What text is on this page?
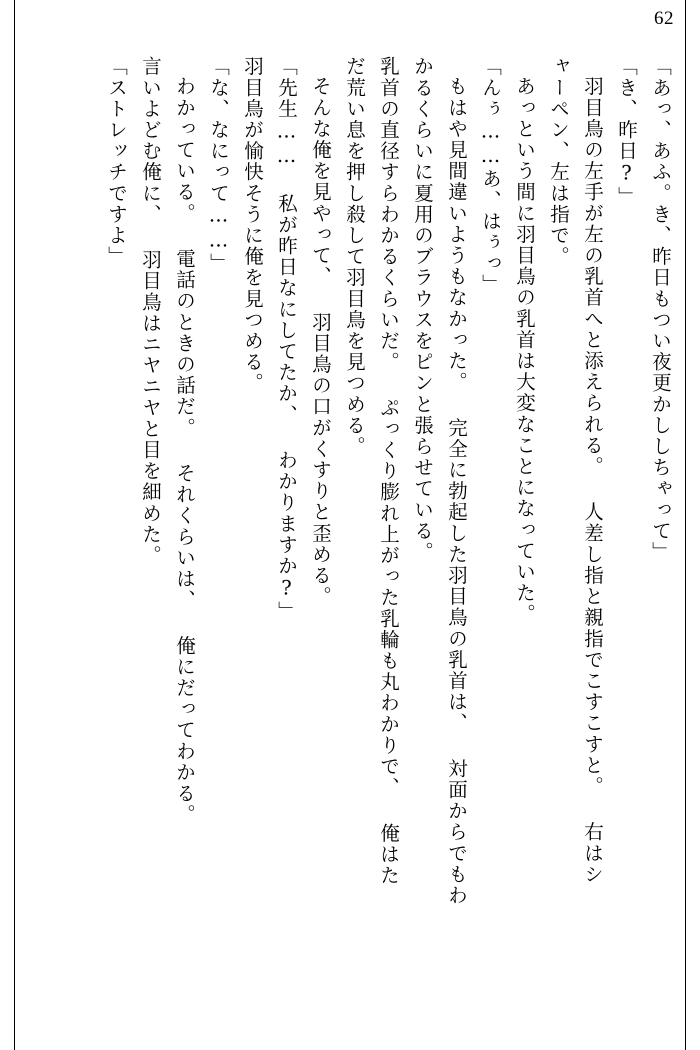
62
「あっ、あふ。き、昨日もつい夜更かししちゃって」
「き、昨日?」
羽目鳥の左手が左の乳首へと添えられる。 人差し指と親指でこすこすと。 右はシ
ャーペン、左は指で。
あっという間に羽目鳥の乳首は大変なことになっていた。
「んぅ……あ、はぅっ」
もはや見間違いようもなかった。 完全に勃起した羽目鳥の乳首は、 対面からでもわ
かるくらいに夏用のブラウスをピンと張らせている。
乳首の直径すらわかるくらいだ。 ぷっくり膨れ上がった乳輪も丸わかりで、 俺はた
だ荒い息を押し殺して羽目鳥を見つめる。
そんな俺を見やって、 羽目鳥の口がくすりと歪める。
「先生…… 私が昨日なにしてたか、 わかりますか?」
羽目鳥が愉快そうに俺を見つめる。
「な、なにって……」
わかっている。 電話のときの話だ。 それくらいは、 俺にだってわかる。
言いよどむ俺に、 羽目鳥はニヤニヤと目を細めた。
「ストレッチですよ」
